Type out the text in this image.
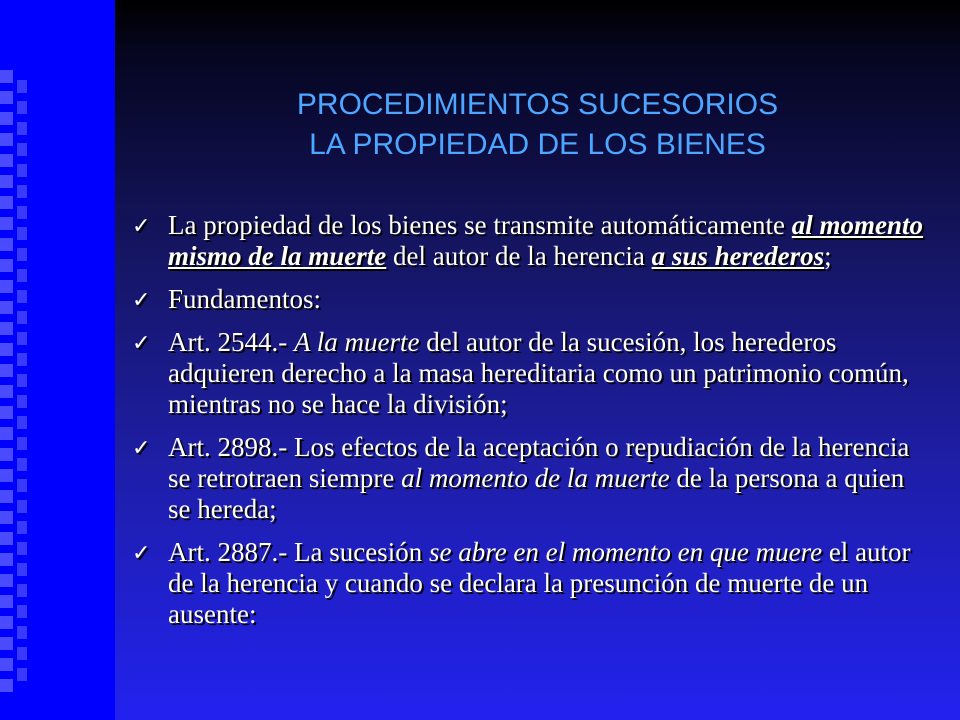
PROCEDIMIENTOS SUCESORIOS
LA PROPIEDAD DE LOS BIENES
✓ La propiedad de los bienes se transmite automáticamente al momento mismo de la muerte del autor de la herencia a sus herederos;
✓ Fundamentos:
✓ Art. 2544.- A la muerte del autor de la sucesión, los herederos adquieren derecho a la masa hereditaria como un patrimonio común, mientras no se hace la división;
✓ Art. 2898.- Los efectos de la aceptación o repudiación de la herencia se retrotraen siempre al momento de la muerte de la persona a quien se hereda;
✓ Art. 2887.- La sucesión se abre en el momento en que muere el autor de la herencia y cuando se declara la presunción de muerte de un ausente:
